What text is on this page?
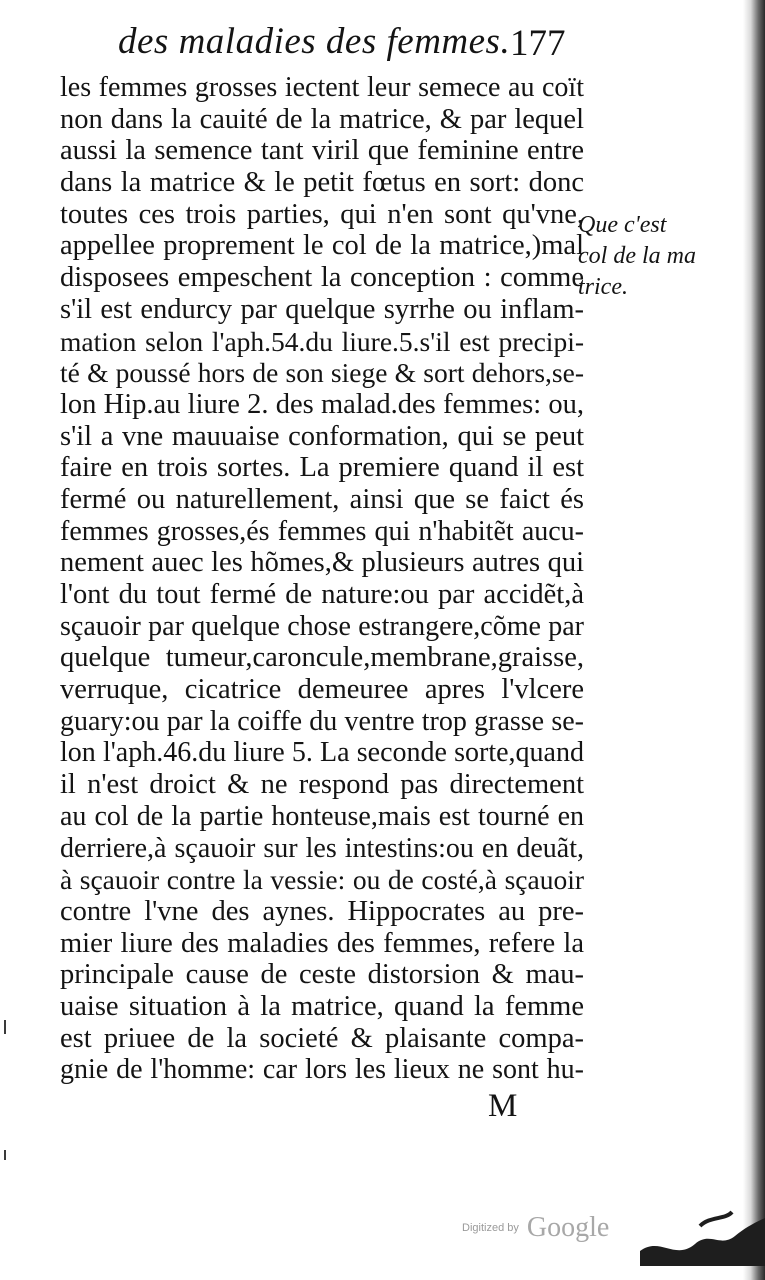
des maladies des femmes. 177
les femmes grosses iectent leur semece au coït
non dans la cauité de la matrice, & par lequel
aussi la semence tant viril que feminine entre
dans la matrice & le petit fœtus en sort: donc
toutes ces trois parties, qui n'en sont qu'vne,
appellee proprement le col de la matrice,)mal
disposees empeschent la conception : comme
s'il est endurcy par quelque syrrhe ou inflam-
mation selon l'aph.54.du liure.5.s'il est precipi-
té & poussé hors de son siege & sort dehors,se-
lon Hip.au liure 2. des malad.des femmes: ou,
s'il a vne mauuaise conformation, qui se peut
faire en trois sortes. La premiere quand il est
fermé ou naturellement, ainsi que se faict és
femmes grosses,és femmes qui n'habitẽt aucu-
nement auec les hõmes,& plusieurs autres qui
l'ont du tout fermé de nature:ou par accidẽt,à
sçauoir par quelque chose estrangere,cõme par
quelque tumeur,caroncule,membrane,graisse,
verruque, cicatrice demeuree apres l'vlcere
guary:ou par la coiffe du ventre trop grasse se-
lon l'aph.46.du liure 5. La seconde sorte,quand
il n'est droict & ne respond pas directement
au col de la partie honteuse,mais est tourné en
derriere,à sçauoir sur les intestins:ou en deuãt,
à sçauoir contre la vessie: ou de costé,à sçauoir
contre l'vne des aynes. Hippocrates au pre-
mier liure des maladies des femmes, refere la
principale cause de ceste distorsion & mau-
uaise situation à la matrice, quand la femme
est priuee de la societé & plaisante compa-
gnie de l'homme: car lors les lieux ne sont hu-
Que c'est
col de la ma
trice.
M
Digitized by Google
